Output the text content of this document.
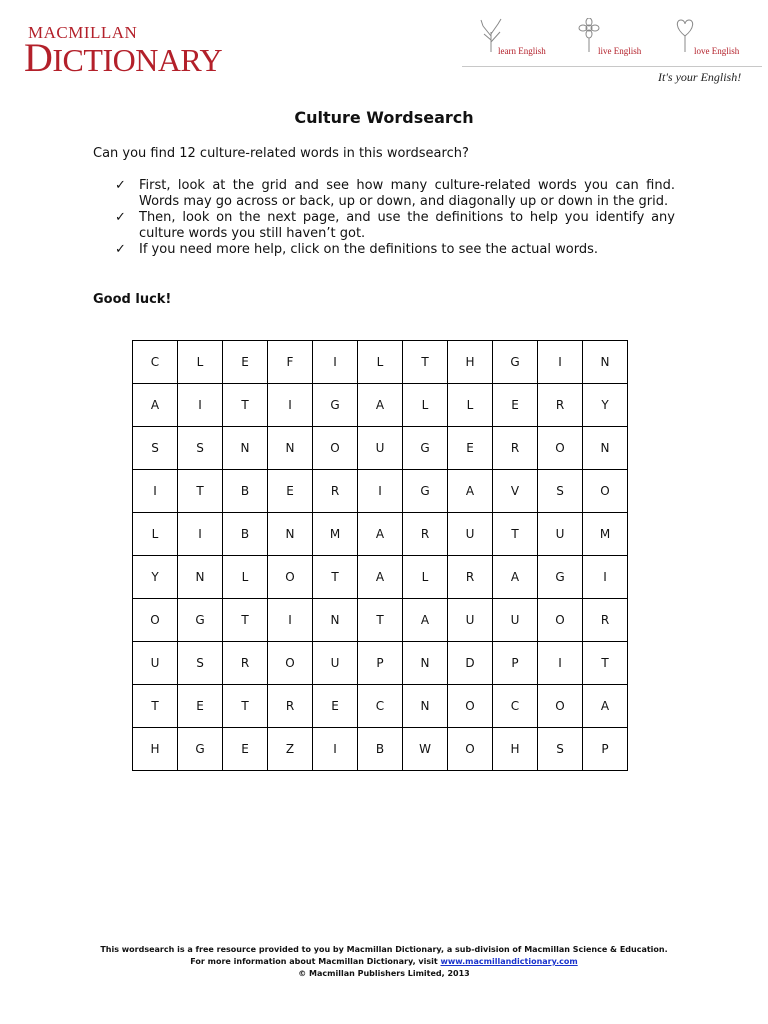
MACMILLAN
DICTIONARY	learn English	live English	love English
It's your English!
Culture Wordsearch
Can you find 12 culture-related words in this wordsearch?
✓ First, look at the grid and see how many culture-related words you can find. Words may go across or back, up or down, and diagonally up or down in the grid.
✓ Then, look on the next page, and use the definitions to help you identify any culture words you still haven’t got.
✓ If you need more help, click on the definitions to see the actual words.
Good luck!
C	L	E	F	I	L	T	H	G	I	N
A	I	T	I	G	A	L	L	E	R	Y
S	S	N	N	O	U	G	E	R	O	N
I	T	B	E	R	I	G	A	V	S	O
L	I	B	N	M	A	R	U	T	U	M
Y	N	L	O	T	A	L	R	A	G	I
O	G	T	I	N	T	A	U	U	O	R
U	S	R	O	U	P	N	D	P	I	T
T	E	T	R	E	C	N	O	C	O	A
H	G	E	Z	I	B	W	O	H	S	P
This wordsearch is a free resource provided to you by Macmillan Dictionary, a sub-division of Macmillan Science & Education.
For more information about Macmillan Dictionary, visit www.macmillandictionary.com
© Macmillan Publishers Limited, 2013
